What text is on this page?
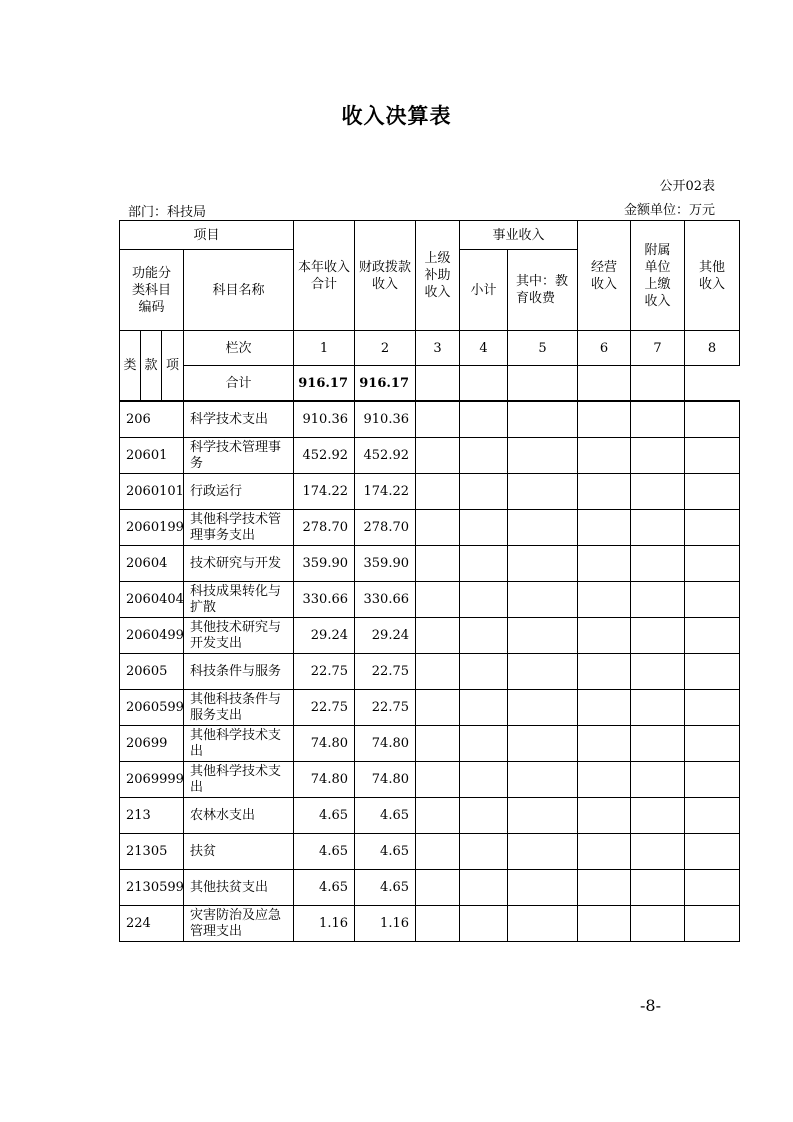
收入决算表
公开02表
部门：科技局	金额单位：万元
项目				本年收入合计	财政拨款收入	上级补助收入	事业收入		经营收入	附属单位上缴收入	其他收入
功能分类科目编码			科目名称				小计	其中：教育收费			

类	款	项	栏次	1	2	3	4	5	6	7	8
			合计	916.17	916.17						
206	科学技术支出	910.36	910.36						
20601	科学技术管理事务	452.92	452.92						
2060101	行政运行	174.22	174.22						
2060199	其他科学技术管理事务支出	278.70	278.70						
20604	技术研究与开发	359.90	359.90						
2060404	科技成果转化与扩散	330.66	330.66						
2060499	其他技术研究与开发支出	29.24	29.24						
20605	科技条件与服务	22.75	22.75						
2060599	其他科技条件与服务支出	22.75	22.75						
20699	其他科学技术支出	74.80	74.80						
2069999	其他科学技术支出	74.80	74.80						
213	农林水支出	4.65	4.65						
21305	扶贫	4.65	4.65						
2130599	其他扶贫支出	4.65	4.65						
224	灾害防治及应急管理支出	1.16	1.16						
-8-
